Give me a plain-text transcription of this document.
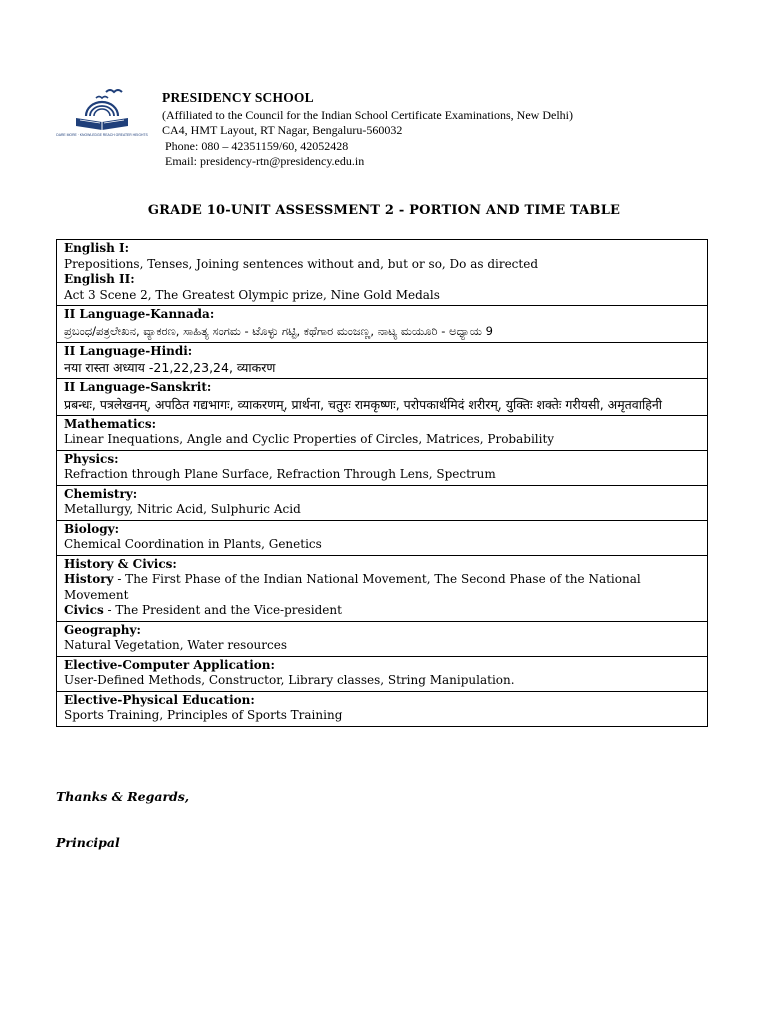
DARE MORE · KNOWLEDGE REACH GREATER HEIGHTS
PRESIDENCY SCHOOL
(Affiliated to the Council for the Indian School Certificate Examinations, New Delhi)
CA4, HMT Layout, RT Nagar, Bengaluru-560032
Phone: 080 – 42351159/60, 42052428
Email: presidency-rtn@presidency.edu.in
GRADE 10-UNIT ASSESSMENT 2 - PORTION AND TIME TABLE
English I:
Prepositions, Tenses, Joining sentences without and, but or so, Do as directed
English II:
Act 3 Scene 2, The Greatest Olympic prize, Nine Gold Medals

II Language-Kannada:
ಪ್ರಬಂಧ/ಪತ್ರಲೇಖನ, ವ್ಯಾಕರಣ, ಸಾಹಿತ್ಯ ಸಂಗಮ - ಟೊಳ್ಳು ಗಟ್ಟಿ, ಕಥೆಗಾರ ಮಂಜಣ್ಣ, ನಾಟ್ಯ ಮಯೂರಿ - ಅಧ್ಯಾಯ 9

II Language-Hindi:
नया रास्ता अध्याय -21,22,23,24, व्याकरण

II Language-Sanskrit:
प्रबन्धः, पत्रलेखनम्, अपठित गद्यभागः, व्याकरणम्, प्रार्थना, चतुरः रामकृष्णः, परोपकार्थमिदं शरीरम्, युक्तिः शक्तेः गरीयसी, अमृतवाहिनी

Mathematics:
Linear Inequations, Angle and Cyclic Properties of Circles, Matrices, Probability

Physics:
Refraction through Plane Surface, Refraction Through Lens, Spectrum

Chemistry:
Metallurgy, Nitric Acid, Sulphuric Acid

Biology:
Chemical Coordination in Plants, Genetics

History & Civics:
History - The First Phase of the Indian National Movement, The Second Phase of the National Movement
Civics - The President and the Vice-president

Geography:
Natural Vegetation, Water resources

Elective-Computer Application:
User-Defined Methods, Constructor, Library classes, String Manipulation.

Elective-Physical Education:
Sports Training, Principles of Sports Training
Thanks & Regards,
Principal
